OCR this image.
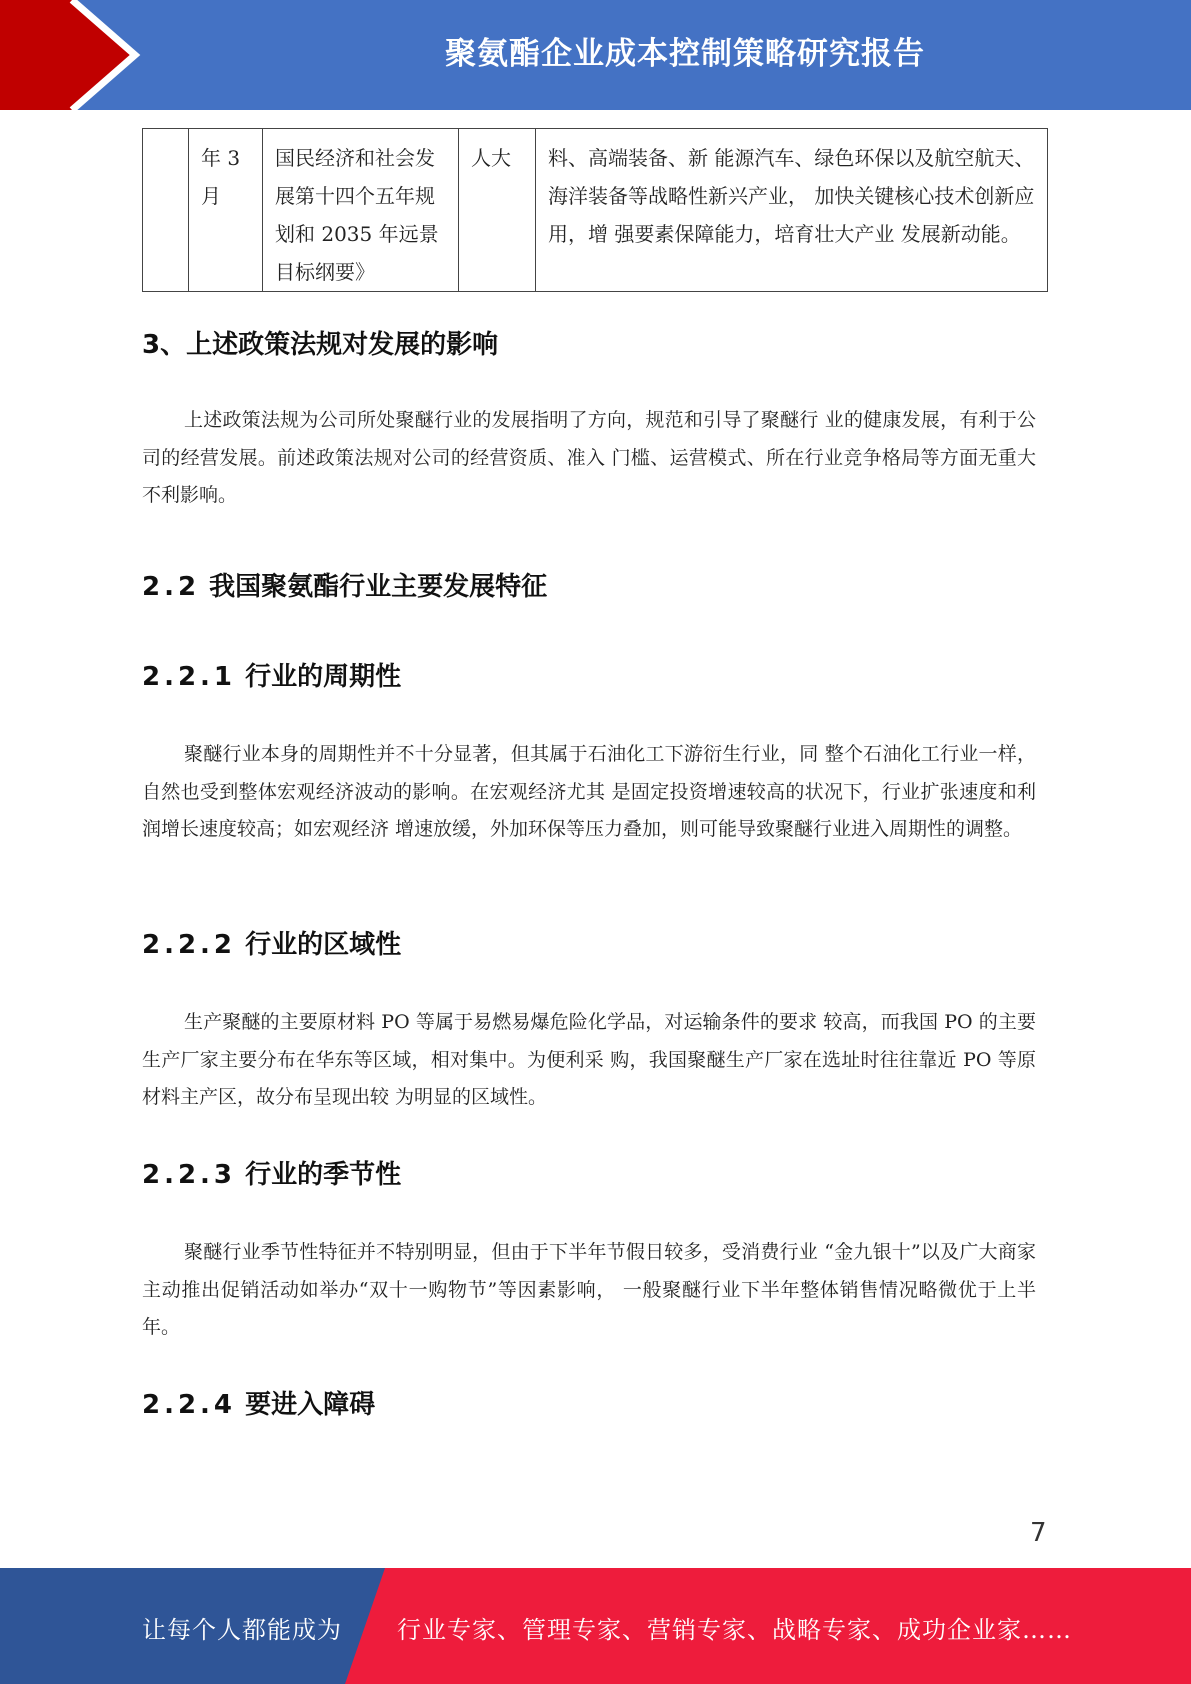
聚氨酯企业成本控制策略研究报告
	年 3 月	国民经济和社会发展第十四个五年规划和 2035 年远景目标纲要》	人大	料、高端装备、新 能源汽车、绿色环保以及航空航天、海洋装备等战略性新兴产业， 加快关键核心技术创新应用，增 强要素保障能力，培育壮大产业 发展新动能。
3、上述政策法规对发展的影响

上述政策法规为公司所处聚醚行业的发展指明了方向，规范和引导了聚醚行 业的健康发展，有利于公司的经营发展。前述政策法规对公司的经营资质、准入 门槛、运营模式、所在行业竞争格局等方面无重大不利影响。

2.2 我国聚氨酯行业主要发展特征
2.2.1 行业的周期性

聚醚行业本身的周期性并不十分显著，但其属于石油化工下游衍生行业，同 整个石油化工行业一样，自然也受到整体宏观经济波动的影响。在宏观经济尤其 是固定投资增速较高的状况下，行业扩张速度和利润增长速度较高；如宏观经济 增速放缓，外加环保等压力叠加，则可能导致聚醚行业进入周期性的调整。

2.2.2 行业的区域性

生产聚醚的主要原材料 PO 等属于易燃易爆危险化学品，对运输条件的要求 较高，而我国 PO 的主要生产厂家主要分布在华东等区域，相对集中。为便利采 购，我国聚醚生产厂家在选址时往往靠近 PO 等原材料主产区，故分布呈现出较 为明显的区域性。

2.2.3 行业的季节性

聚醚行业季节性特征并不特别明显，但由于下半年节假日较多，受消费行业 “金九银十”以及广大商家主动推出促销活动如举办“双十一购物节”等因素影响， 一般聚醚行业下半年整体销售情况略微优于上半年。

2.2.4 要进入障碍
7
让每个人都能成为 行业专家、管理专家、营销专家、战略专家、成功企业家……
